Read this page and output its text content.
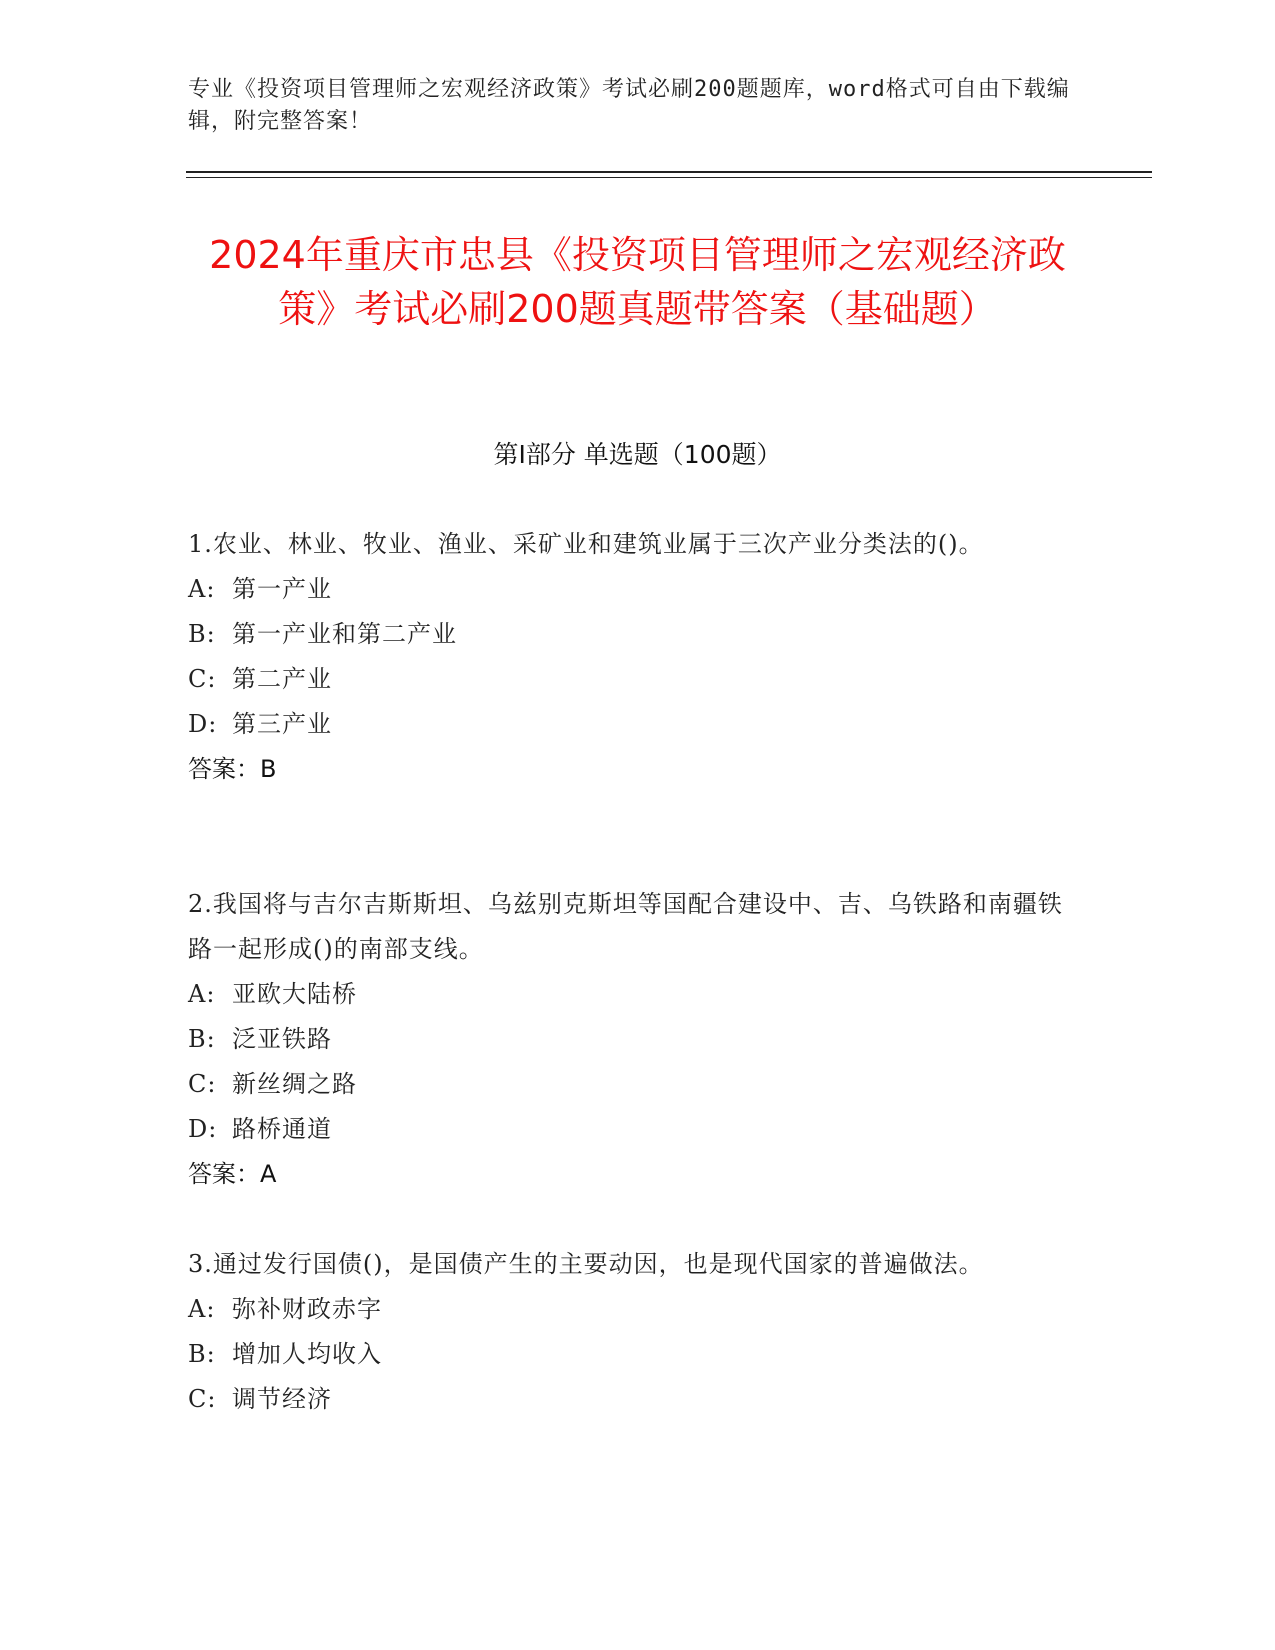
专业《投资项目管理师之宏观经济政策》考试必刷200题题库，word格式可自由下载编辑，附完整答案！
2024年重庆市忠县《投资项目管理师之宏观经济政策》考试必刷200题真题带答案（基础题）
第I部分 单选题（100题）
1.农业、林业、牧业、渔业、采矿业和建筑业属于三次产业分类法的()。
A: 第一产业
B: 第一产业和第二产业
C: 第二产业
D: 第三产业
答案：B
2.我国将与吉尔吉斯斯坦、乌兹别克斯坦等国配合建设中、吉、乌铁路和南疆铁路一起形成()的南部支线。
A: 亚欧大陆桥
B: 泛亚铁路
C: 新丝绸之路
D: 路桥通道
答案：A
3.通过发行国债()，是国债产生的主要动因，也是现代国家的普遍做法。
A: 弥补财政赤字
B: 增加人均收入
C: 调节经济
